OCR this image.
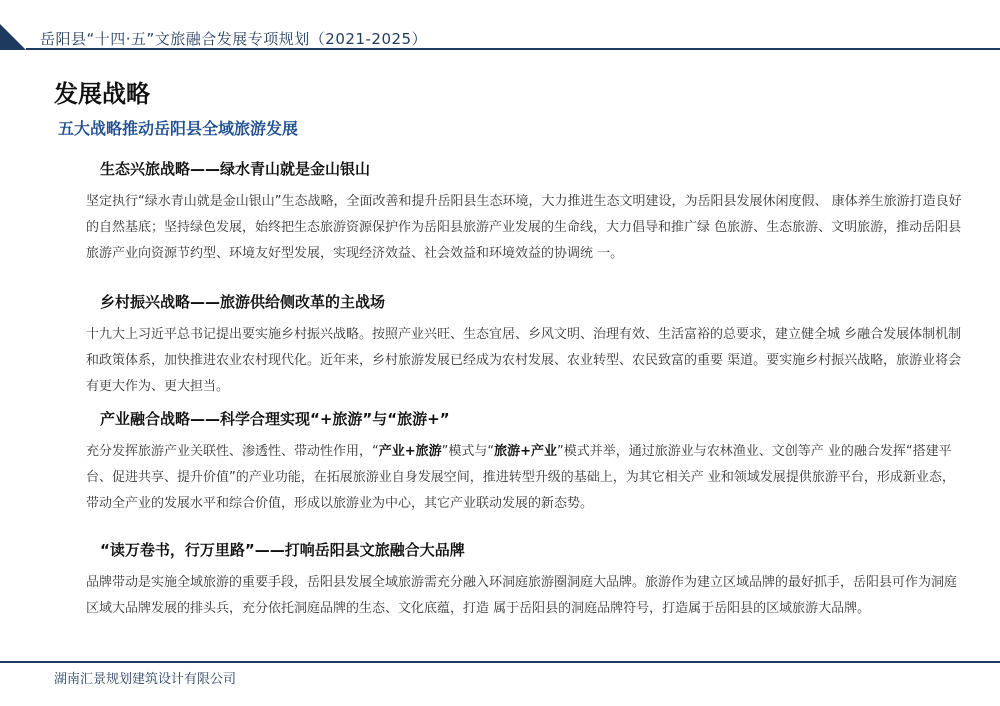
岳阳县“十四·五”文旅融合发展专项规划（2021-2025）
发展战略
五大战略推动岳阳县全域旅游发展
生态兴旅战略——绿水青山就是金山银山

坚定执行“绿水青山就是金山银山”生态战略，全面改善和提升岳阳县生态环境，大力推进生态文明建设，为岳阳县发展休闲度假、 康体养生旅游打造良好的自然基底；坚持绿色发展，始终把生态旅游资源保护作为岳阳县旅游产业发展的生命线，大力倡导和推广绿 色旅游、生态旅游、文明旅游，推动岳阳县旅游产业向资源节约型、环境友好型发展，实现经济效益、社会效益和环境效益的协调统 一。

乡村振兴战略——旅游供给侧改革的主战场

十九大上习近平总书记提出要实施乡村振兴战略。按照产业兴旺、生态宜居、乡风文明、治理有效、生活富裕的总要求，建立健全城 乡融合发展体制机制和政策体系，加快推进农业农村现代化。近年来，乡村旅游发展已经成为农村发展、农业转型、农民致富的重要 渠道。要实施乡村振兴战略，旅游业将会有更大作为、更大担当。

产业融合战略——科学合理实现“+旅游”与“旅游+”

充分发挥旅游产业关联性、渗透性、带动性作用，“产业+旅游”模式与“旅游+产业”模式并举，通过旅游业与农林渔业、文创等产 业的融合发挥“搭建平台、促进共享、提升价值”的产业功能，在拓展旅游业自身发展空间，推进转型升级的基础上，为其它相关产 业和领域发展提供旅游平台，形成新业态，带动全产业的发展水平和综合价值，形成以旅游业为中心，其它产业联动发展的新态势。

“读万卷书，行万里路”——打响岳阳县文旅融合大品牌

品牌带动是实施全域旅游的重要手段，岳阳县发展全域旅游需充分融入环洞庭旅游圈洞庭大品牌。旅游作为建立区域品牌的最好抓手，岳阳县可作为洞庭区域大品牌发展的排头兵，充分依托洞庭品牌的生态、文化底蕴，打造 属于岳阳县的洞庭品牌符号，打造属于岳阳县的区域旅游大品牌。

湖南汇景规划建筑设计有限公司
